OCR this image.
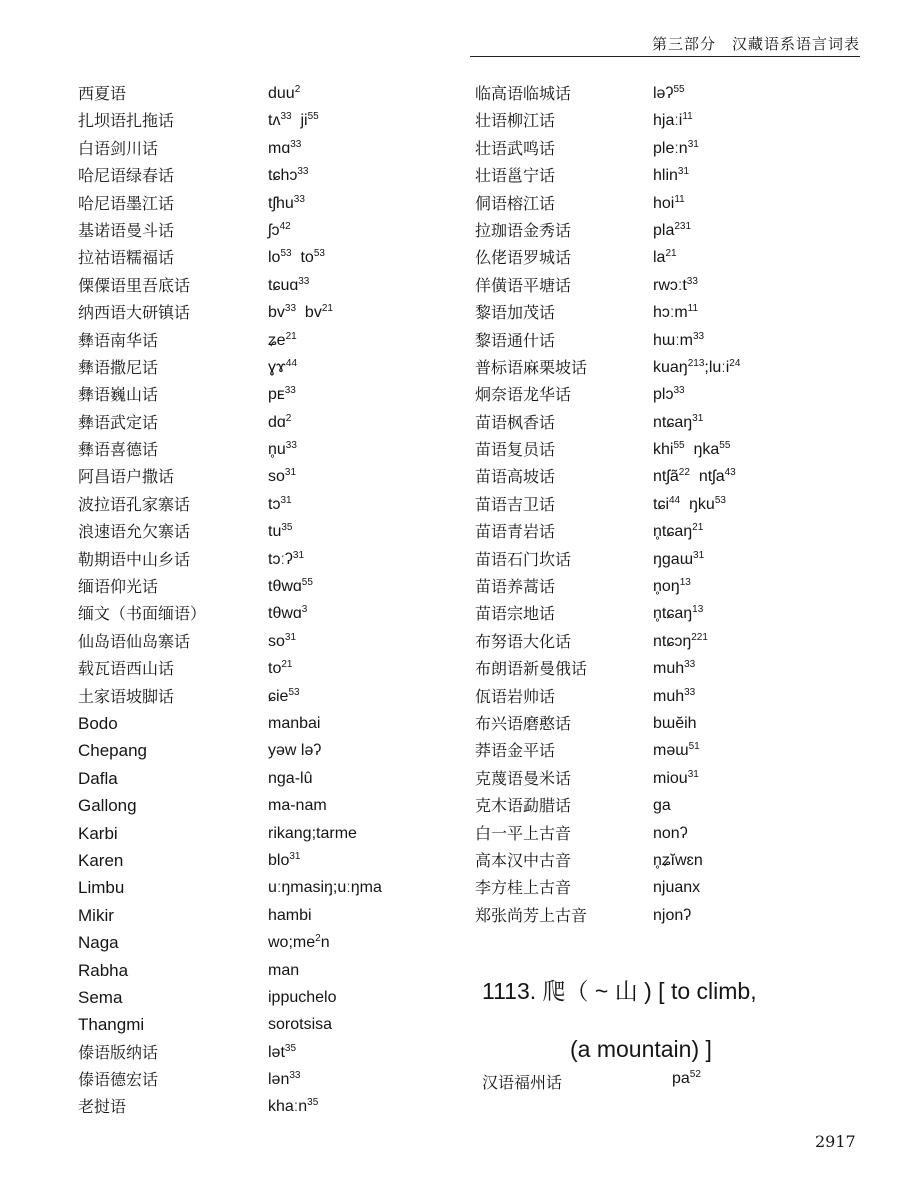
第三部分　汉藏语系语言词表
西夏语	duu$^2$
扎坝语扎拖话	tʌ$^{33}$ $ji^{55}$
白语剑川话	mɑ$^{33}$
哈尼语绿春话	tɕhɔ$^{33}$
哈尼语墨江话	tʃhu$^{33}$
基诺语曼斗话	ʃɔ$^{42}$
拉祜语糯福话	$lo^{53}$ $to^{53}$
傈僳语里吾底话	tɕuɑ$^{33}$
纳西语大研镇话	$bv^{33}$ $bv^{21}$
彝语南华话	ʑe$^{21}$
彝语撒尼话	ɣɤ$^{44}$
彝语巍山话	pᴇ$^{33}$
彝语武定话	dɑ$^2$
彝语喜德话	$n̥u^{33}$
阿昌语户撒话	$so^{31}$
波拉语孔家寨话	tɔ$^{31}$
浪速语允欠寨话	$tu^{35}$
勒期语中山乡话	tɔːʔ$^{31}$
缅语仰光话	tθwɑ$^{55}$
缅文（书面缅语）	tθwɑ$^3$
仙岛语仙岛寨话	$so^{31}$
载瓦语西山话	$to^{21}$
土家语坡脚话	ɕie$^{53}$
Bodo	manbai
Chepang	yəw ləʔ
Dafla	nga-lû
Gallong	ma-nam
Karbi	rikang;tarme
Karen	blo$^{31}$
Limbu	uːŋmasiŋ;uːŋma
Mikir	hambi
Naga	$wo;me^2n$
Rabha	man
Sema	ippuchelo
Thangmi	sorotsisa
傣语版纳话	lət$^{35}$
傣语德宏话	lən$^{33}$
老挝语	khaːn$^{35}$
临高语临城话	ləʔ$^{55}$
壮语柳江话	hjaːi$^{11}$
壮语武鸣话	pleːn$^{31}$
壮语邕宁话	hlin$^{31}$
侗语榕江话	hoi$^{11}$
拉珈语金秀话	pla$^{231}$
仫佬语罗城话	$la^{21}$
佯僙语平塘话	rwɔːt$^{33}$
黎语加茂话	hɔːm$^{11}$
黎语通什话	hɯːm$^{33}$
普标语麻栗坡话	kuaŋ$^{213}$;luːi$^{24}$
炯奈语龙华话	plɔ$^{33}$
苗语枫香话	ntɕaŋ$^{31}$
苗语复员话	khi$^{55}$ ŋka$^{55}$
苗语高坡话	ntʃã$^{22}$ ntʃa$^{43}$
苗语吉卫话	tɕi$^{44}$ ŋku$^{53}$
苗语青岩话	n̥tɕaŋ$^{21}$
苗语石门坎话	ŋgaɯ$^{31}$
苗语养蒿话	$n̥oŋ^{13}$
苗语宗地话	n̥tɕaŋ$^{13}$
布努语大化话	ntɕɔŋ$^{221}$
布朗语新曼俄话	muh$^{33}$
佤语岩帅话	muh$^{33}$
布兴语磨憨话	bɯĕih
莽语金平话	məɯ$^{51}$
克蔑语曼米话	miou$^{31}$
克木语勐腊话	ga
白一平上古音	nonʔ
高本汉中古音	n̥ʑĭwɛn
李方桂上古音	njuanx
郑张尚芳上古音	njonʔ
1113. 爬（ ~ 山 ) [ to climb,
(a mountain) ]
汉语福州话	$pa^{52}$
2917
